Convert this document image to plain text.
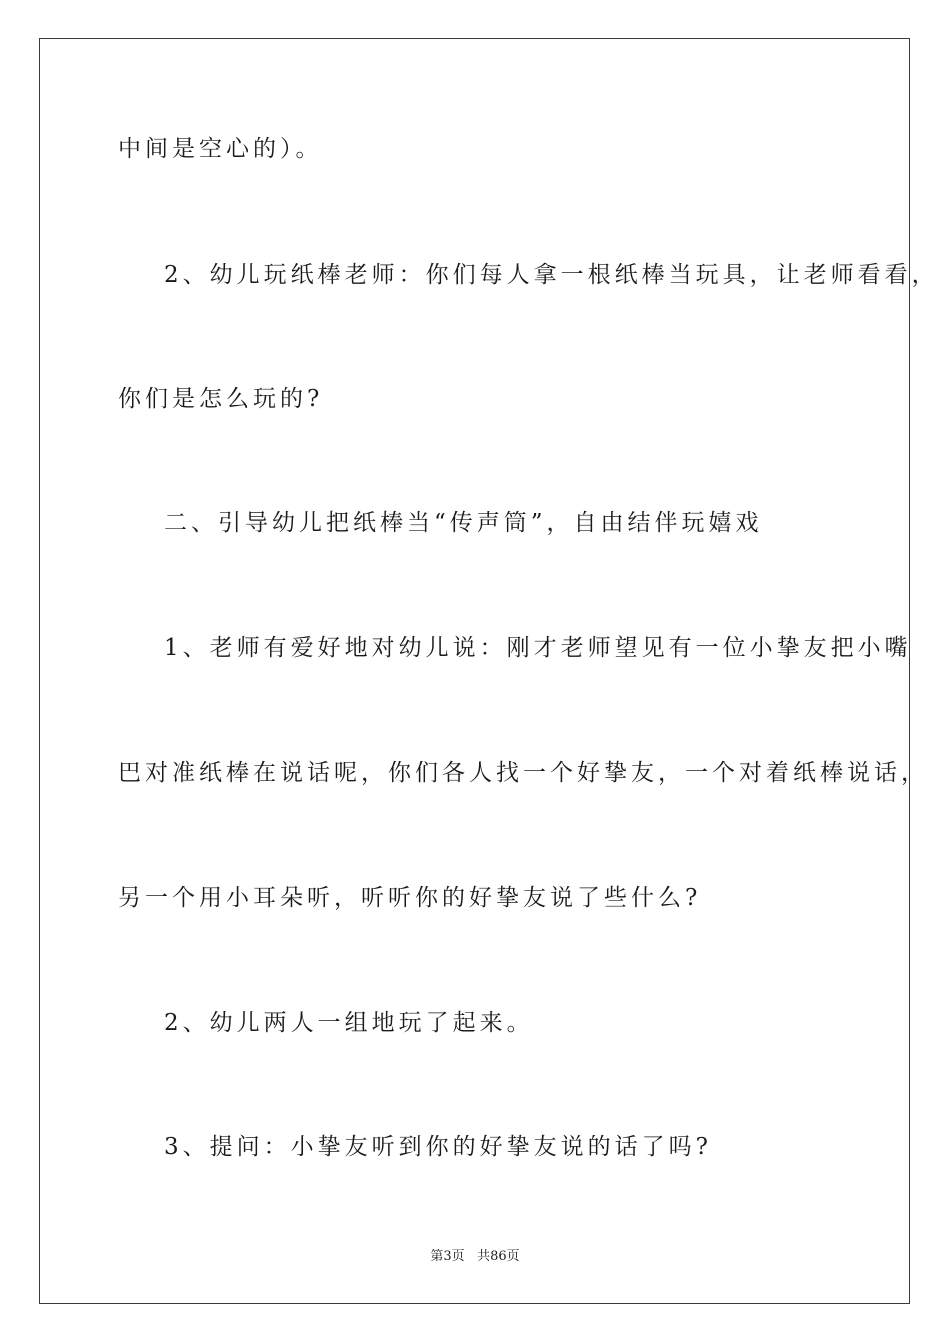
中间是空心的）。
2、幼儿玩纸棒老师：你们每人拿一根纸棒当玩具，让老师看看，
你们是怎么玩的?
二、引导幼儿把纸棒当“传声筒”，自由结伴玩嬉戏
1、老师有爱好地对幼儿说：刚才老师望见有一位小挚友把小嘴
巴对准纸棒在说话呢，你们各人找一个好挚友，一个对着纸棒说话，
另一个用小耳朵听，听听你的好挚友说了些什么?
2、幼儿两人一组地玩了起来。
3、提问：小挚友听到你的好挚友说的话了吗?
第3页 共86页
